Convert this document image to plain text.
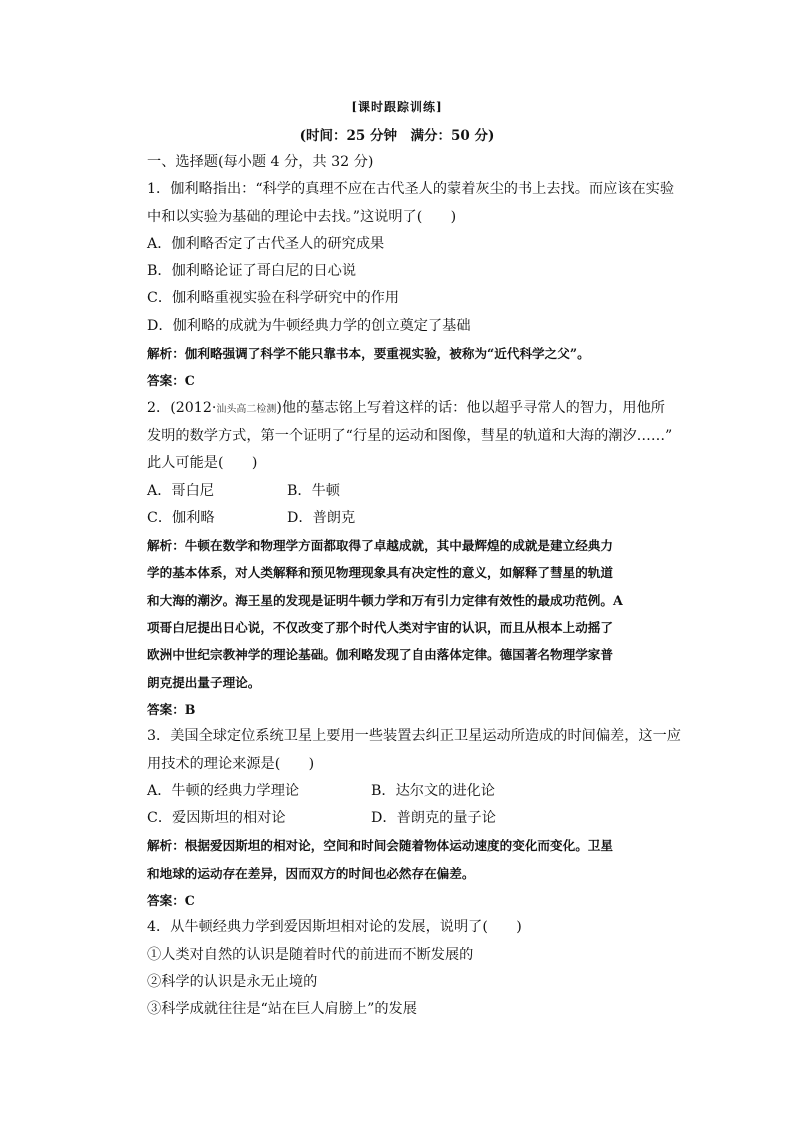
[课时跟踪训练]
(时间：25 分钟　满分：50 分)
一、选择题(每小题 4 分，共 32 分)
1．伽利略指出：“科学的真理不应在古代圣人的蒙着灰尘的书上去找。而应该在实验
中和以实验为基础的理论中去找。”这说明了(　　)
A．伽利略否定了古代圣人的研究成果
B．伽利略论证了哥白尼的日心说
C．伽利略重视实验在科学研究中的作用
D．伽利略的成就为牛顿经典力学的创立奠定了基础
解析：伽利略强调了科学不能只靠书本，要重视实验，被称为“近代科学之父”。
答案：C
2．(2012·汕头高二检测)他的墓志铭上写着这样的话：他以超乎寻常人的智力，用他所
发明的数学方式，第一个证明了“行星的运动和图像，彗星的轨道和大海的潮汐……”
此人可能是(　　)
A．哥白尼	B．牛顿
C．伽利略	D．普朗克
解析：牛顿在数学和物理学方面都取得了卓越成就，其中最辉煌的成就是建立经典力
学的基本体系，对人类解释和预见物理现象具有决定性的意义，如解释了彗星的轨道
和大海的潮汐。海王星的发现是证明牛顿力学和万有引力定律有效性的最成功范例。A
项哥白尼提出日心说，不仅改变了那个时代人类对宇宙的认识，而且从根本上动摇了
欧洲中世纪宗教神学的理论基础。伽利略发现了自由落体定律。德国著名物理学家普
朗克提出量子理论。
答案：B
3．美国全球定位系统卫星上要用一些装置去纠正卫星运动所造成的时间偏差，这一应
用技术的理论来源是(　　)
A．牛顿的经典力学理论	B．达尔文的进化论
C．爱因斯坦的相对论	D．普朗克的量子论
解析：根据爱因斯坦的相对论，空间和时间会随着物体运动速度的变化而变化。卫星
和地球的运动存在差异，因而双方的时间也必然存在偏差。
答案：C
4．从牛顿经典力学到爱因斯坦相对论的发展，说明了(　　)
①人类对自然的认识是随着时代的前进而不断发展的
②科学的认识是永无止境的
③科学成就往往是“站在巨人肩膀上”的发展
